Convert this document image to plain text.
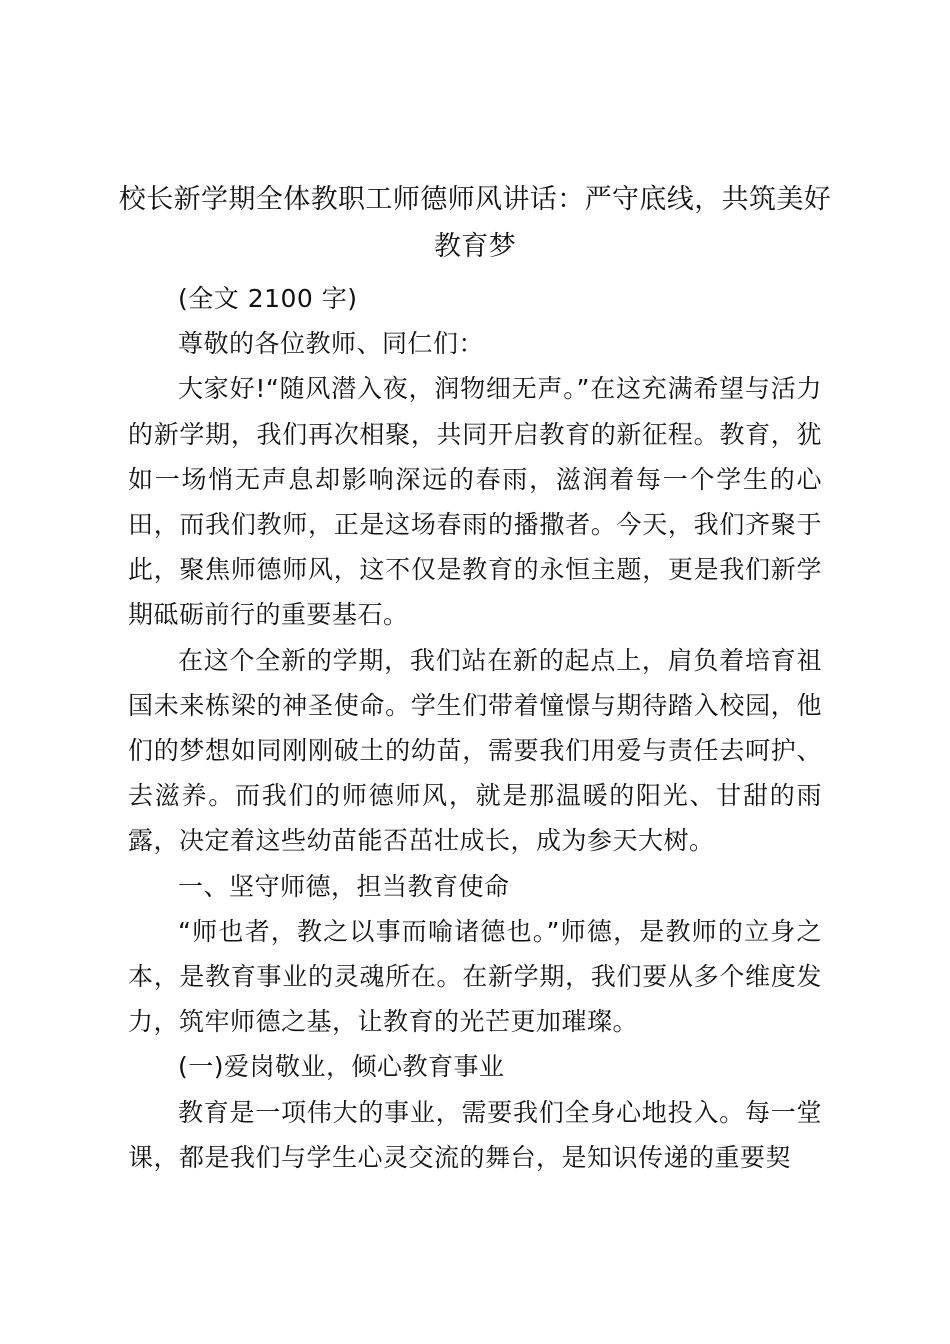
校长新学期全体教职工师德师风讲话：严守底线，共筑美好教育梦

(全文 2100 字)

尊敬的各位教师、同仁们：

大家好!“随风潜入夜，润物细无声。”在这充满希望与活力的新学期，我们再次相聚，共同开启教育的新征程。教育，犹如一场悄无声息却影响深远的春雨，滋润着每一个学生的心田，而我们教师，正是这场春雨的播撒者。今天，我们齐聚于此，聚焦师德师风，这不仅是教育的永恒主题，更是我们新学期砥砺前行的重要基石。

在这个全新的学期，我们站在新的起点上，肩负着培育祖国未来栋梁的神圣使命。学生们带着憧憬与期待踏入校园，他们的梦想如同刚刚破土的幼苗，需要我们用爱与责任去呵护、去滋养。而我们的师德师风，就是那温暖的阳光、甘甜的雨露，决定着这些幼苗能否茁壮成长，成为参天大树。

一、坚守师德，担当教育使命

“师也者，教之以事而喻诸德也。”师德，是教师的立身之本，是教育事业的灵魂所在。在新学期，我们要从多个维度发力，筑牢师德之基，让教育的光芒更加璀璨。

(一)爱岗敬业，倾心教育事业

教育是一项伟大的事业，需要我们全身心地投入。每一堂课，都是我们与学生心灵交流的舞台，是知识传递的重要契
